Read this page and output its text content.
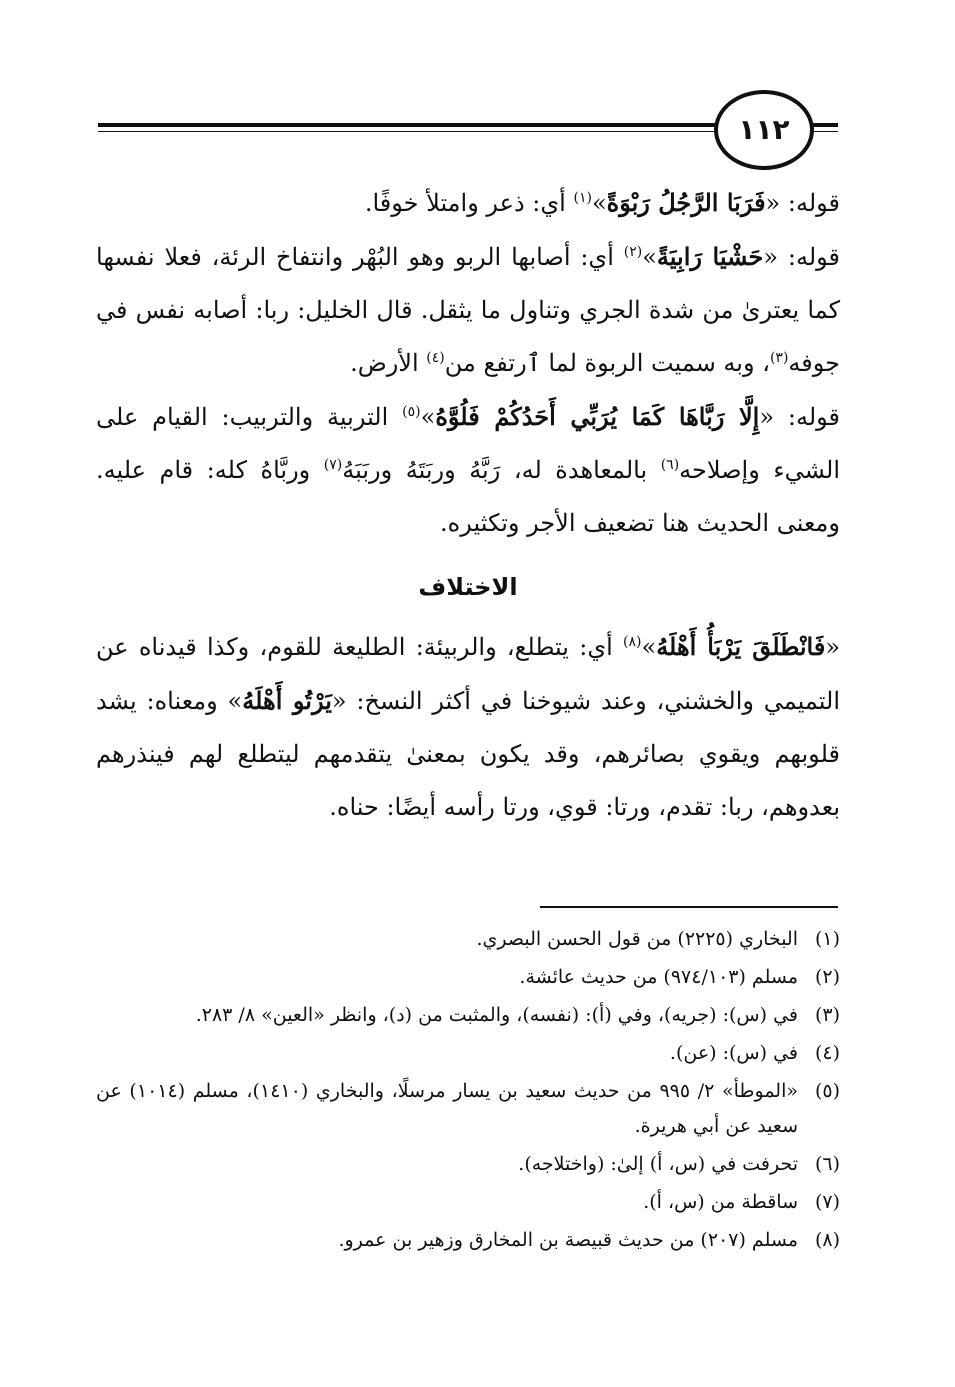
١١٢

قوله: «فَرَبَا الرَّجُلُ رَبْوَةً»$^{(١)}$ أي: ذعر وامتلأ خوفًا.

قوله: «حَشْيَا رَابِيَةً»$^{(٢)}$ أي: أصابها الربو وهو البُهْر وانتفاخ الرئة، فعلا نفسها كما يعترىٰ من شدة الجري وتناول ما يثقل. قال الخليل: ربا: أصابه نفس في جوفه$^{(٣)}$، وبه سميت الربوة لما ٱرتفع من$^{(٤)}$ الأرض.

قوله: «إِلَّا رَبَّاهَا كَمَا يُرَبِّي أَحَدُكُمْ فَلُوَّهُ»$^{(٥)}$ التربية والتربيب: القيام على الشيء وإصلاحه$^{(٦)}$ بالمعاهدة له، رَبَّهُ وربَتَهُ وربَبَهُ$^{(٧)}$ وربَّاهُ كله: قام عليه. ومعنى الحديث هنا تضعيف الأجر وتكثيره.

الاختلاف

«فَانْطَلَقَ يَرْبَأُ أَهْلَهُ»$^{(٨)}$ أي: يتطلع، والربيئة: الطليعة للقوم، وكذا قيدناه عن التميمي والخشني، وعند شيوخنا في أكثر النسخ: «يَرْتُو أَهْلَهُ» ومعناه: يشد قلوبهم ويقوي بصائرهم، وقد يكون بمعنىٰ يتقدمهم ليتطلع لهم فينذرهم بعدوهم، ربا: تقدم، ورتا: قوي، ورتا رأسه أيضًا: حناه.

(١)
البخاري (٢٢٢٥) من قول الحسن البصري.
(٢)
مسلم (٩٧٤/١٠٣) من حديث عائشة.
(٣)
في (س): (جريه)، وفي (أ): (نفسه)، والمثبت من (د)، وانظر «العين» ٨/ ٢٨٣.
(٤)
في (س): (عن).
(٥)
«الموطأ» ٢/ ٩٩٥ من حديث سعيد بن يسار مرسلًا، والبخاري (١٤١٠)، مسلم (١٠١٤) عن سعيد عن أبي هريرة.
(٦)
تحرفت في (س، أ) إلىٰ: (واختلاجه).
(٧)
ساقطة من (س، أ).
(٨)
مسلم (٢٠٧) من حديث قبيصة بن المخارق وزهير بن عمرو.
